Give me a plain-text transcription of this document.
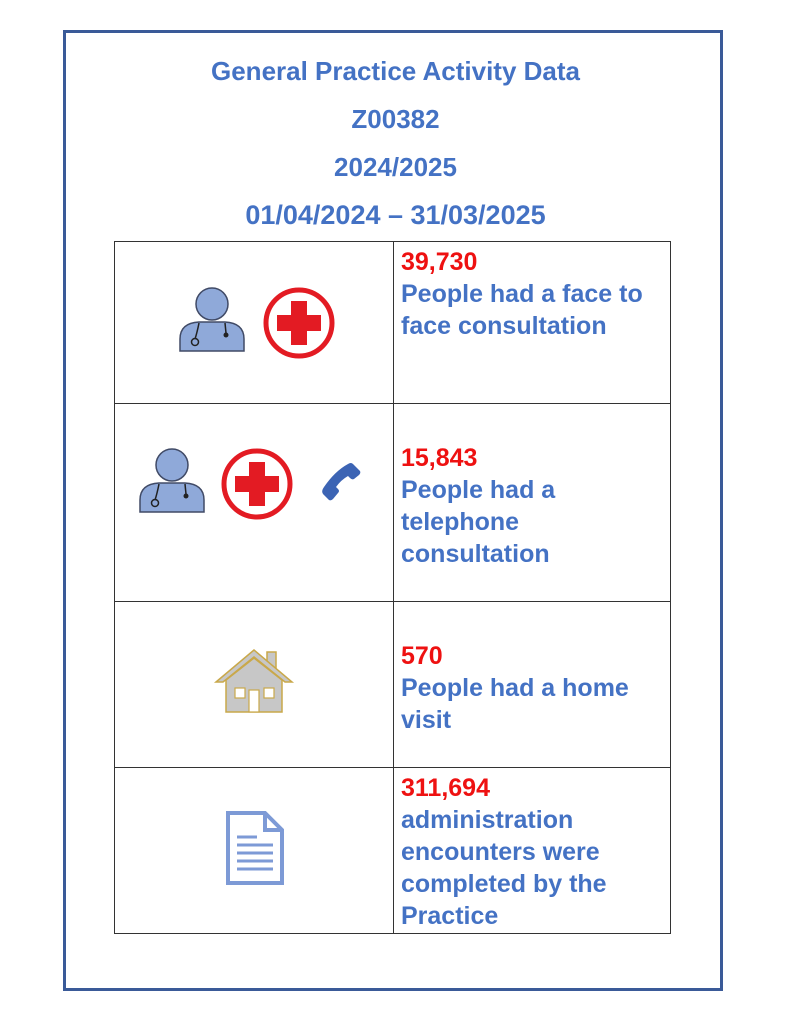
General Practice Activity Data
Z00382
2024/2025
01/04/2024 – 31/03/2025

39,730
People had a face to face consultation

15,843
People had a telephone consultation

570
People had a home visit

311,694
administration encounters were completed by the Practice
